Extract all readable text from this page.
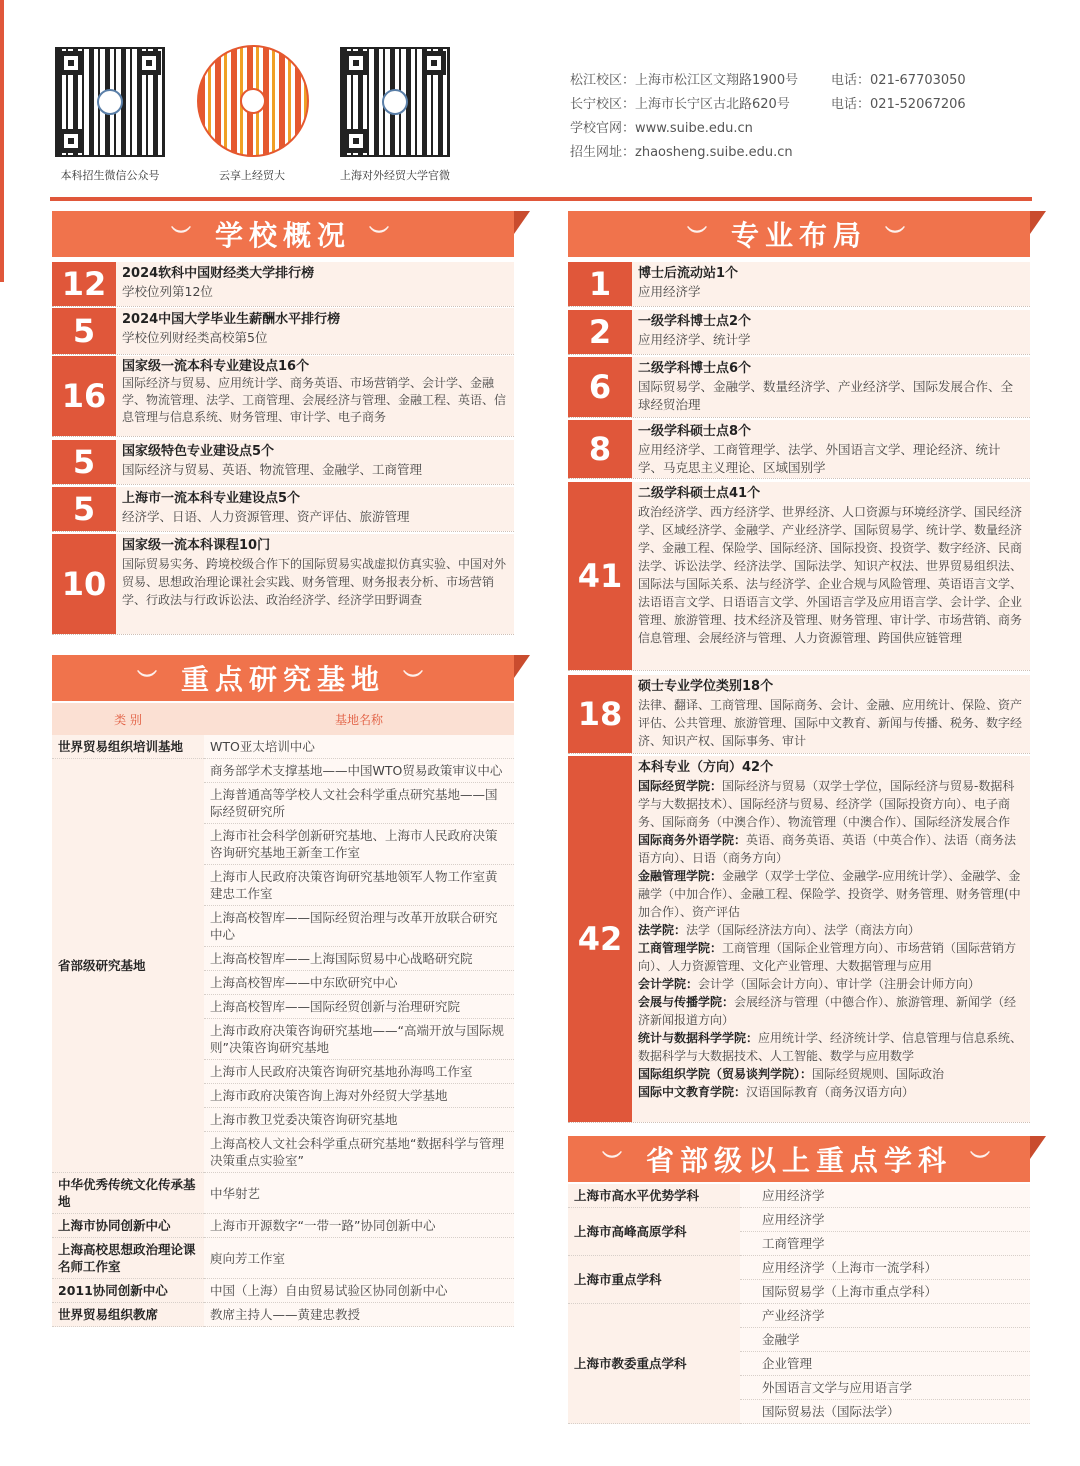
本科招生微信公众号	云享上经贸大	上海对外经贸大学官微
松江校区：上海市松江区文翔路1900号	电话：021-67703050
长宁校区：上海市长宁区古北路620号	电话：021-52067206
学校官网：www.suibe.edu.cn
招生网址：zhaosheng.suibe.edu.cn
︶ 学校概况 ︶
12	2024软科中国财经类大学排行榜
学校位列第12位
5	2024中国大学毕业生薪酬水平排行榜
学校位列财经类高校第5位
16
国家级一流本科专业建设点16个
国际经济与贸易、应用统计学、商务英语、市场营销学、会计学、金融学、物流管理、法学、工商管理、会展经济与管理、金融工程、英语、信息管理与信息系统、财务管理、审计学、电子商务
5	国家级特色专业建设点5个
国际经济与贸易、英语、物流管理、金融学、工商管理
5	上海市一流本科专业建设点5个
经济学、日语、人力资源管理、资产评估、旅游管理
10
国家级一流本科课程10门
国际贸易实务、跨境校级合作下的国际贸易实战虚拟仿真实验、中国对外贸易、思想政治理论课社会实践、财务管理、财务报表分析、市场营销学、行政法与行政诉讼法、政治经济学、经济学田野调查
︶ 重点研究基地 ︶
类 别	基地名称
世界贸易组织培训基地	WTO亚太培训中心
省部级研究基地	商务部学术支撑基地——中国WTO贸易政策审议中心
	上海普通高等学校人文社会科学重点研究基地——国际经贸研究所
	上海市社会科学创新研究基地、上海市人民政府决策咨询研究基地王新奎工作室
	上海市人民政府决策咨询研究基地领军人物工作室黄建忠工作室
	上海高校智库——国际经贸治理与改革开放联合研究中心
	上海高校智库——上海国际贸易中心战略研究院
	上海高校智库——中东欧研究中心
	上海高校智库——国际经贸创新与治理研究院
	上海市政府决策咨询研究基地——“高端开放与国际规则”决策咨询研究基地
	上海市人民政府决策咨询研究基地孙海鸣工作室
	上海市政府决策咨询上海对外经贸大学基地
	上海市教卫党委决策咨询研究基地
	上海高校人文社会科学重点研究基地“数据科学与管理决策重点实验室”
中华优秀传统文化传承基地	中华射艺
上海市协同创新中心	上海市开源数字“一带一路”协同创新中心
上海高校思想政治理论课名师工作室	庾向芳工作室
2011协同创新中心	中国（上海）自由贸易试验区协同创新中心
世界贸易组织教席	教席主持人——黄建忠教授
︶ 专业布局 ︶
1	博士后流动站1个
应用经济学
2	一级学科博士点2个
应用经济学、统计学
6	二级学科博士点6个
国际贸易学、金融学、数量经济学、产业经济学、国际发展合作、全球经贸治理
8	一级学科硕士点8个
应用经济学、工商管理学、法学、外国语言文学、理论经济、统计学、马克思主义理论、区域国别学
41
二级学科硕士点41个
政治经济学、西方经济学、世界经济、人口资源与环境经济学、国民经济学、区域经济学、金融学、产业经济学、国际贸易学、统计学、数量经济学、金融工程、保险学、国际经济、国际投资、投资学、数字经济、民商法学、诉讼法学、经济法学、国际法学、知识产权法、世界贸易组织法、国际法与国际关系、法与经济学、企业合规与风险管理、英语语言文学、法语语言文学、日语语言文学、外国语言学及应用语言学、会计学、企业管理、旅游管理、技术经济及管理、财务管理、审计学、市场营销、商务信息管理、会展经济与管理、人力资源管理、跨国供应链管理
18
硕士专业学位类别18个
法律、翻译、工商管理、国际商务、会计、金融、应用统计、保险、资产评估、公共管理、旅游管理、国际中文教育、新闻与传播、税务、数字经济、知识产权、国际事务、审计
42
本科专业（方向）42个
国际经贸学院：国际经济与贸易（双学士学位，国际经济与贸易-数据科学与大数据技术）、国际经济与贸易、经济学（国际投资方向）、电子商务、国际商务（中澳合作）、物流管理（中澳合作）、国际经济发展合作
国际商务外语学院：英语、商务英语、英语（中英合作）、法语（商务法语方向）、日语（商务方向）
金融管理学院：金融学（双学士学位、金融学-应用统计学）、金融学、金融学（中加合作）、金融工程、保险学、投资学、财务管理、财务管理(中加合作）、资产评估
法学院：法学（国际经济法方向）、法学（商法方向）
工商管理学院：工商管理（国际企业管理方向）、市场营销（国际营销方向）、人力资源管理、文化产业管理、大数据管理与应用
会计学院：会计学（国际会计方向）、审计学（注册会计师方向）
会展与传播学院：会展经济与管理（中德合作）、旅游管理、新闻学（经济新闻报道方向）
统计与数据科学学院：应用统计学、经济统计学、信息管理与信息系统、数据科学与大数据技术、人工智能、数学与应用数学
国际组织学院（贸易谈判学院）：国际经贸规则、国际政治
国际中文教育学院：汉语国际教育（商务汉语方向）
︶ 省部级以上重点学科 ︶
上海市高水平优势学科	应用经济学
上海市高峰高原学科	应用经济学
	工商管理学
上海市重点学科	应用经济学（上海市一流学科）
	国际贸易学（上海市重点学科）
上海市教委重点学科	产业经济学
	金融学
	企业管理
	外国语言文学与应用语言学
	国际贸易法（国际法学）
